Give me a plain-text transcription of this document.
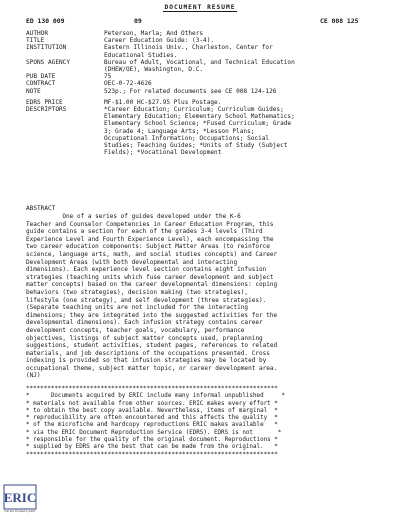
DOCUMENT RESUME
ED 130 009	09	CE 008 125
AUTHOR	Peterson, Marla; And Others
TITLE	Career Education Guide: (3-4).
INSTITUTION	Eastern Illinois Univ., Charleston. Center for
Educational Studies.
SPONS AGENCY	Bureau of Adult, Vocational, and Technical Education
(DHEW/OE), Washington, D.C.
PUB DATE	75
CONTRACT	OEC-0-72-4626
NOTE	523p.; For related documents see CE 008 124-126
EDRS PRICE	MF-$1.00 HC-$27.95 Plus Postage.
DESCRIPTORS	*Career Education; Curriculum; Curriculum Guides;
Elementary Education; Elementary School Mathematics;
Elementary School Science; *Fused Curriculum; Grade
3; Grade 4; Language Arts; *Lesson Plans;
Occupational Information; Occupations; Social
Studies; Teaching Guides; *Units of Study (Subject
Fields); *Vocational Development
ABSTRACT
One of a series of guides developed under the K-6
Teacher and Counselor Competencies in Career Education Program, this
guide contains a section for each of the grades 3-4 levels (Third
Experience Level and Fourth Experience Level), each encompassing the
two career education components: Subject Matter Areas (to reinforce
science, language arts, math, and social studies concepts) and Career
Development Areas (with both developmental and interacting
dimensions). Each experience level section contains eight infusion
strategies (teaching units which fuse career development and subject
matter concepts) based on the career developmental dimensions: coping
behaviors (two strategies), decision making (two strategies),
lifestyle (one strategy), and self development (three strategies).
(Separate teaching units are not included for the interacting
dimensions; they are integrated into the suggested activities for the
developmental dimensions). Each infusion strategy contains career
development concepts, teacher goals, vocabulary, performance
objectives, listings of subject matter concepts used, preplanning
suggestions, student activities, student pages, references to related
materials, and job descriptions of the occupations presented. Cross
indexing is provided so that infusion strategies may be located by
occupational theme, subject matter topic, or career development area.
(NJ)
***********************************************************************
*      Documents acquired by ERIC include many informal unpublished     *
* materials not available from other sources. ERIC makes every effort *
* to obtain the best copy available. Nevertheless, items of marginal  *
* reproducibility are often encountered and this affects the quality  *
* of the microfiche and hardcopy reproductions ERIC makes available   *
* via the ERIC Document Reproduction Service (EDRS). EDRS is not       *
* responsible for the quality of the original document. Reproductions *
* supplied by EDRS are the best that can be made from the original.   *
***********************************************************************
ERIC
Full Text Provided by ERIC
